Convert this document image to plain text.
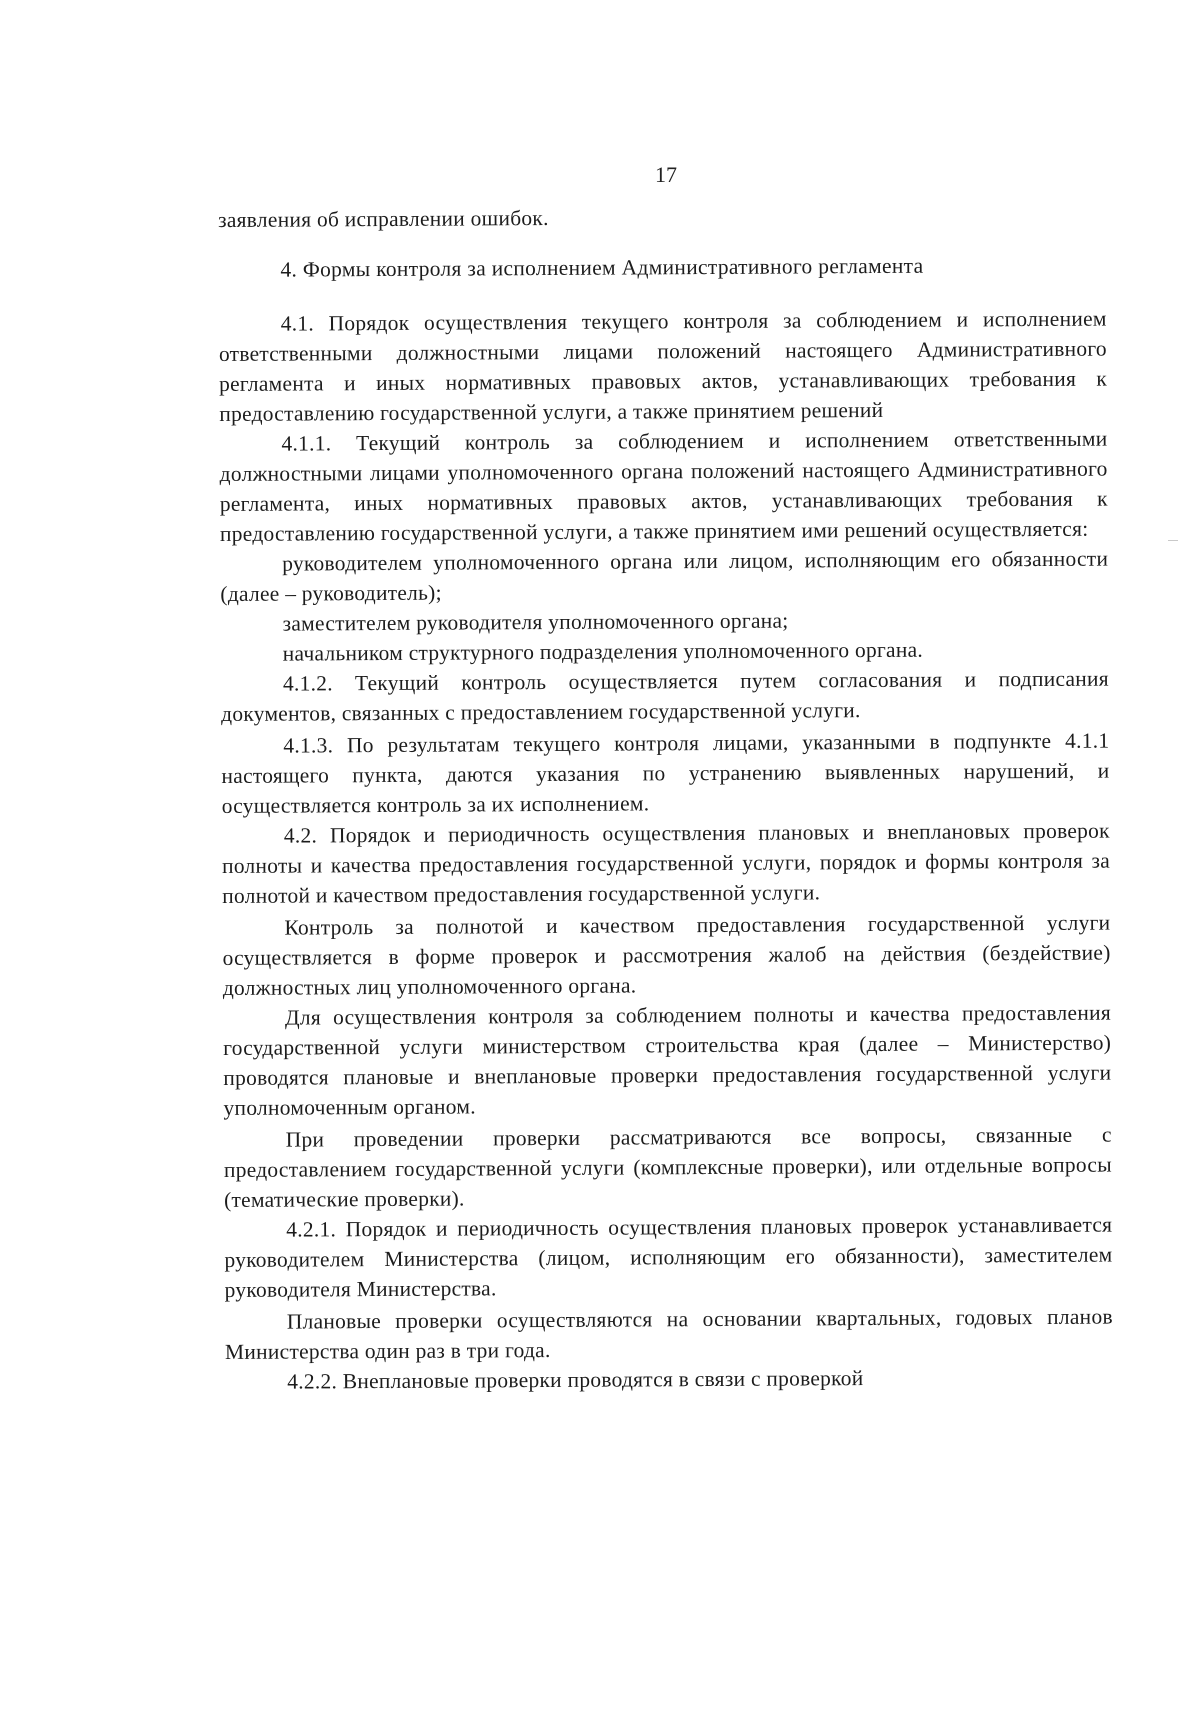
17

заявления об исправлении ошибок.

4. Формы контроля за исполнением Административного регламента

4.1. Порядок осуществления текущего контроля за соблюдением и исполнением ответственными должностными лицами положений настоящего Административного регламента и иных нормативных правовых актов, устанавливающих требования к предоставлению государственной услуги, а также принятием решений

4.1.1. Текущий контроль за соблюдением и исполнением ответственными должностными лицами уполномоченного органа положений настоящего Административного регламента, иных нормативных правовых актов, устанавливающих требования к предоставлению государственной услуги, а также принятием ими решений осуществляется:

руководителем уполномоченного органа или лицом, исполняющим его обязанности (далее – руководитель);

заместителем руководителя уполномоченного органа;

начальником структурного подразделения уполномоченного органа.

4.1.2. Текущий контроль осуществляется путем согласования и подписания документов, связанных с предоставлением государственной услуги.

4.1.3. По результатам текущего контроля лицами, указанными в подпункте 4.1.1 настоящего пункта, даются указания по устранению выявленных нарушений, и осуществляется контроль за их исполнением.

4.2. Порядок и периодичность осуществления плановых и внеплановых проверок полноты и качества предоставления государственной услуги, порядок и формы контроля за полнотой и качеством предоставления государственной услуги.

Контроль за полнотой и качеством предоставления государственной услуги осуществляется в форме проверок и рассмотрения жалоб на действия (бездействие) должностных лиц уполномоченного органа.

Для осуществления контроля за соблюдением полноты и качества предоставления государственной услуги министерством строительства края (далее – Министерство) проводятся плановые и внеплановые проверки предоставления государственной услуги уполномоченным органом.

При проведении проверки рассматриваются все вопросы, связанные с предоставлением государственной услуги (комплексные проверки), или отдельные вопросы (тематические проверки).

4.2.1. Порядок и периодичность осуществления плановых проверок устанавливается руководителем Министерства (лицом, исполняющим его обязанности), заместителем руководителя Министерства.

Плановые проверки осуществляются на основании квартальных, годовых планов Министерства один раз в три года.

4.2.2. Внеплановые проверки проводятся в связи с проверкой
